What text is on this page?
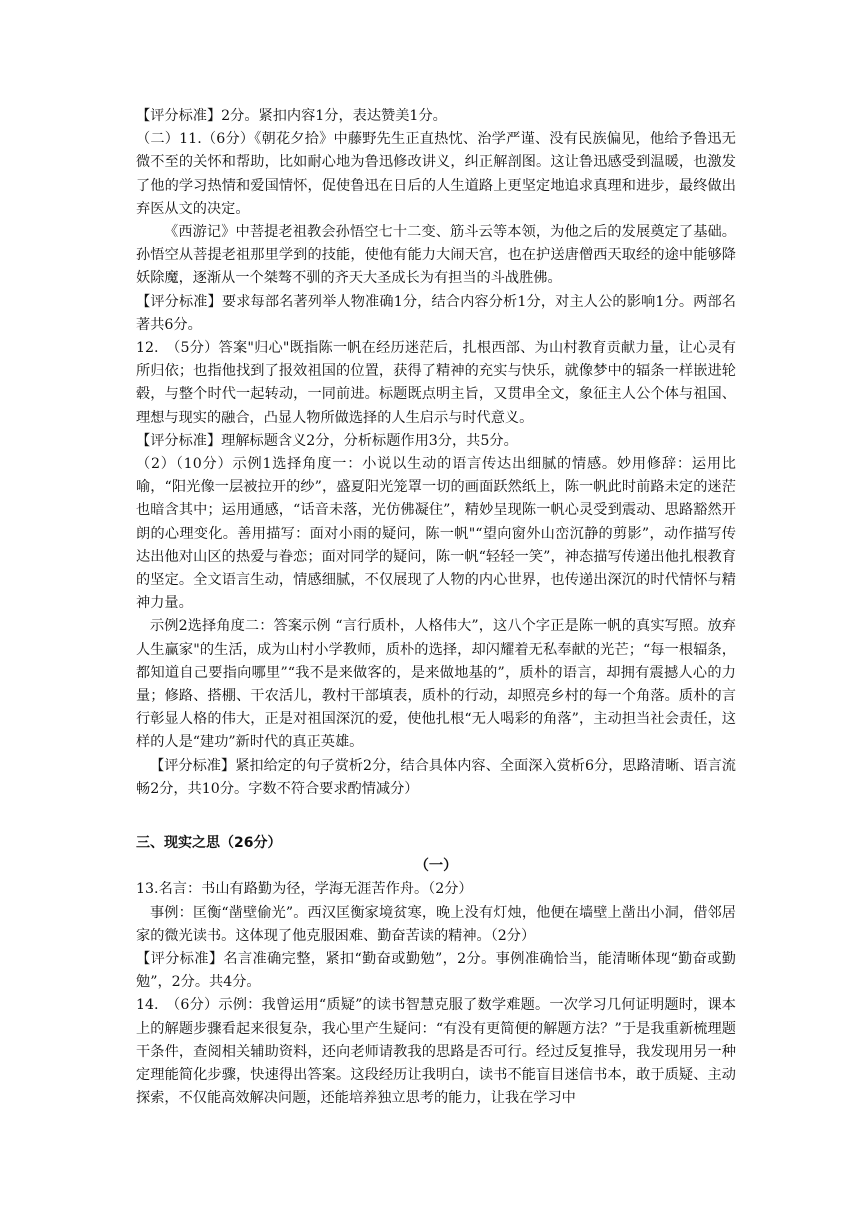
【评分标准】2分。紧扣内容1分，表达赞美1分。

（二）11.（6分）《朝花夕拾》中藤野先生正直热忱、治学严谨、没有民族偏见，他给予鲁迅无微不至的关怀和帮助，比如耐心地为鲁迅修改讲义，纠正解剖图。这让鲁迅感受到温暖，也激发了他的学习热情和爱国情怀，促使鲁迅在日后的人生道路上更坚定地追求真理和进步，最终做出弃医从文的决定。

《西游记》中菩提老祖教会孙悟空七十二变、筋斗云等本领，为他之后的发展奠定了基础。孙悟空从菩提老祖那里学到的技能，使他有能力大闹天宫，也在护送唐僧西天取经的途中能够降妖除魔，逐渐从一个桀骜不驯的齐天大圣成长为有担当的斗战胜佛。

【评分标准】要求每部名著列举人物准确1分，结合内容分析1分，对主人公的影响1分。两部名著共6分。

12.　（5分）答案"归心"既指陈一帆在经历迷茫后，扎根西部、为山村教育贡献力量，让心灵有所归依；也指他找到了报效祖国的位置，获得了精神的充实与快乐，就像梦中的辐条一样嵌进轮毂，与整个时代一起转动，一同前进。标题既点明主旨，又贯串全文，象征主人公个体与祖国、理想与现实的融合，凸显人物所做选择的人生启示与时代意义。

【评分标准】理解标题含义2分，分析标题作用3分，共5分。

（2）（10分）示例1选择角度一：小说以生动的语言传达出细腻的情感。妙用修辞：运用比喻，“阳光像一层被拉开的纱”，盛夏阳光笼罩一切的画面跃然纸上，陈一帆此时前路未定的迷茫也暗含其中；运用通感，“话音未落，光仿佛凝住”，精妙呈现陈一帆心灵受到震动、思路豁然开朗的心理变化。善用描写：面对小雨的疑问，陈一帆"“望向窗外山峦沉静的剪影”，动作描写传达出他对山区的热爱与眷恋；面对同学的疑问，陈一帆“轻轻一笑”，神态描写传递出他扎根教育的坚定。全文语言生动，情感细腻，不仅展现了人物的内心世界，也传递出深沉的时代情怀与精神力量。

示例2选择角度二：答案示例 “言行质朴，人格伟大”，这八个字正是陈一帆的真实写照。放弃人生赢家"的生活，成为山村小学教师，质朴的选择，却闪耀着无私奉献的光芒；“每一根辐条，都知道自己要指向哪里”“我不是来做客的，是来做地基的”，质朴的语言，却拥有震撼人心的力量；修路、搭棚、干农活儿，教村干部填表，质朴的行动，却照亮乡村的每一个角落。质朴的言行彰显人格的伟大，正是对祖国深沉的爱，使他扎根“无人喝彩的角落”，主动担当社会责任，这样的人是“建功”新时代的真正英雄。

【评分标准】紧扣给定的句子赏析2分，结合具体内容、全面深入赏析6分，思路清晰、语言流畅2分，共10分。字数不符合要求酌情减分）

三、现实之思（26分）

（一）

13.名言：书山有路勤为径，学海无涯苦作舟。（2分）

事例：匡衡“凿壁偷光”。西汉匡衡家境贫寒，晚上没有灯烛，他便在墙壁上凿出小洞，借邻居家的微光读书。这体现了他克服困难、勤奋苦读的精神。（2分）

【评分标准】名言准确完整，紧扣“勤奋或勤勉”，2分。事例准确恰当，能清晰体现“勤奋或勤勉”，2分。共4分。

14.　（6分）示例：我曾运用“质疑”的读书智慧克服了数学难题。一次学习几何证明题时，课本上的解题步骤看起来很复杂，我心里产生疑问：“有没有更简便的解题方法？”于是我重新梳理题干条件，查阅相关辅助资料，还向老师请教我的思路是否可行。经过反复推导，我发现用另一种定理能简化步骤，快速得出答案。这段经历让我明白，读书不能盲目迷信书本，敢于质疑、主动探索，不仅能高效解决问题，还能培养独立思考的能力，让我在学习中
